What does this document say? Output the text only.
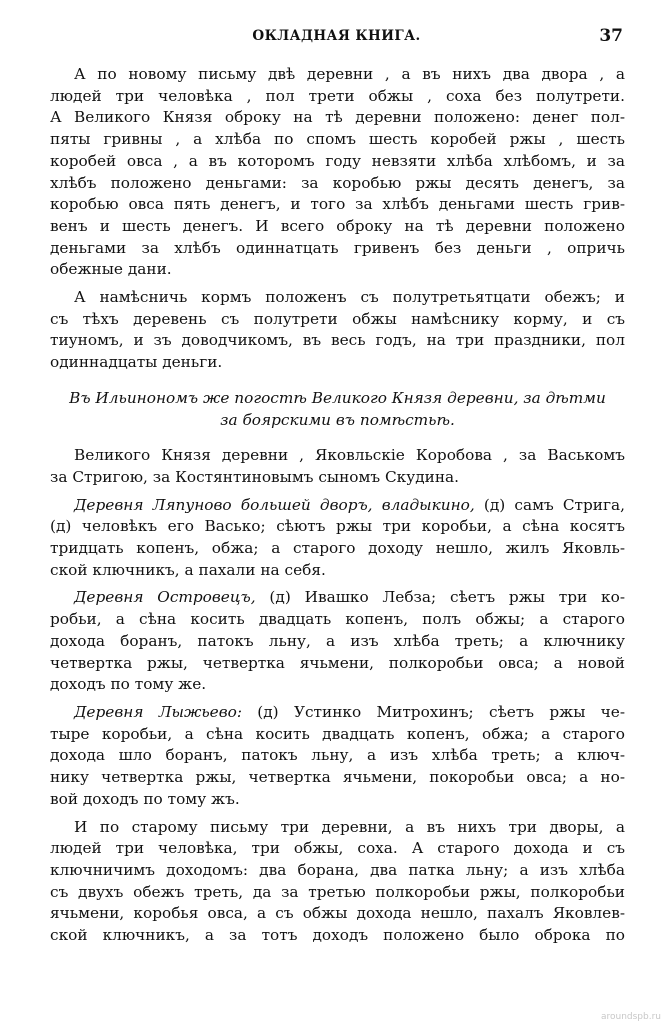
ОКЛАДНАЯ КНИГА.	37

А по новому письму двѣ деревни , а въ нихъ два двора , а

людей три человѣка , пол трети обжы , соха без полутрети.

А Великого Князя оброку на тѣ деревни положено: денег пол-

пяты гривны , а хлѣба по спомъ шесть коробей ржы , шесть

коробей овса , а въ которомъ году невзяти хлѣба хлѣбомъ, и за

хлѣбъ положено деньгами: за коробью ржы десять денегъ, за

коробью овса пять денегъ, и того за хлѣбъ деньгами шесть грив-

венъ и шесть денегъ. И всего оброку на тѣ деревни положено

деньгами за хлѣбъ одиннатцать гривенъ без деньги , опричь

обежные дани.

А намѣсничь кормъ положенъ съ полутретьятцати обежъ; и

съ тѣхъ деревень съ полутрети обжы намѣснику корму, и съ

тиуномъ, и зъ доводчикомъ, въ весь годъ, на три праздники, пол

одиннадцаты деньги.

Въ Ильинономъ же погостѣ Великого Князя деревни, за дѣтми

за боярскими въ помѣстьѣ.

Великого Князя деревни , Яковльскiе Коробова , за Васькомъ

за Стригою, за Костянтиновымъ сыномъ Скудина.

Деревня Ляпуново большей дворъ, владыкино, (д) самъ Стрига,

(д) человѣкъ его Васько; сѣютъ ржы три коробьи, а сѣна косятъ

тридцать копенъ, обжа; а старого доходу нешло, жилъ Яковль-

ской ключникъ, а пахали на себя.

Деревня Островецъ, (д) Ивашко Лебза; сѣетъ ржы три ко-

робьи, а сѣна косить двадцать копенъ, полъ обжы; а старого

дохода боранъ, патокъ льну, а изъ хлѣба треть; а ключнику

четвертка ржы, четвертка ячьмени, полкоробьи овса; а новой

доходъ по тому же.

Деревня Лыжьево: (д) Устинко Митрохинъ; сѣетъ ржы че-

тыре коробьи, а сѣна косить двадцать копенъ, обжа; а старого

дохода шло боранъ, патокъ льну, а изъ хлѣба треть; а ключ-

нику четвертка ржы, четвертка ячьмени, покоробьи овса; а но-

вой доходъ по тому жъ.

И по старому письму три деревни, а въ нихъ три дворы, а

людей три человѣка, три обжы, соха. А старого дохода и съ

ключничимъ доходомъ: два борана, два патка льну; а изъ хлѣба

съ двухъ обежъ треть, да за третью полкоробьи ржы, полкоробьи

ячьмени, коробья овса, а съ обжы дохода нешло, пахалъ Яковлев-

ской ключникъ, а за тотъ доходъ положено было оброка по

aroundspb.ru
